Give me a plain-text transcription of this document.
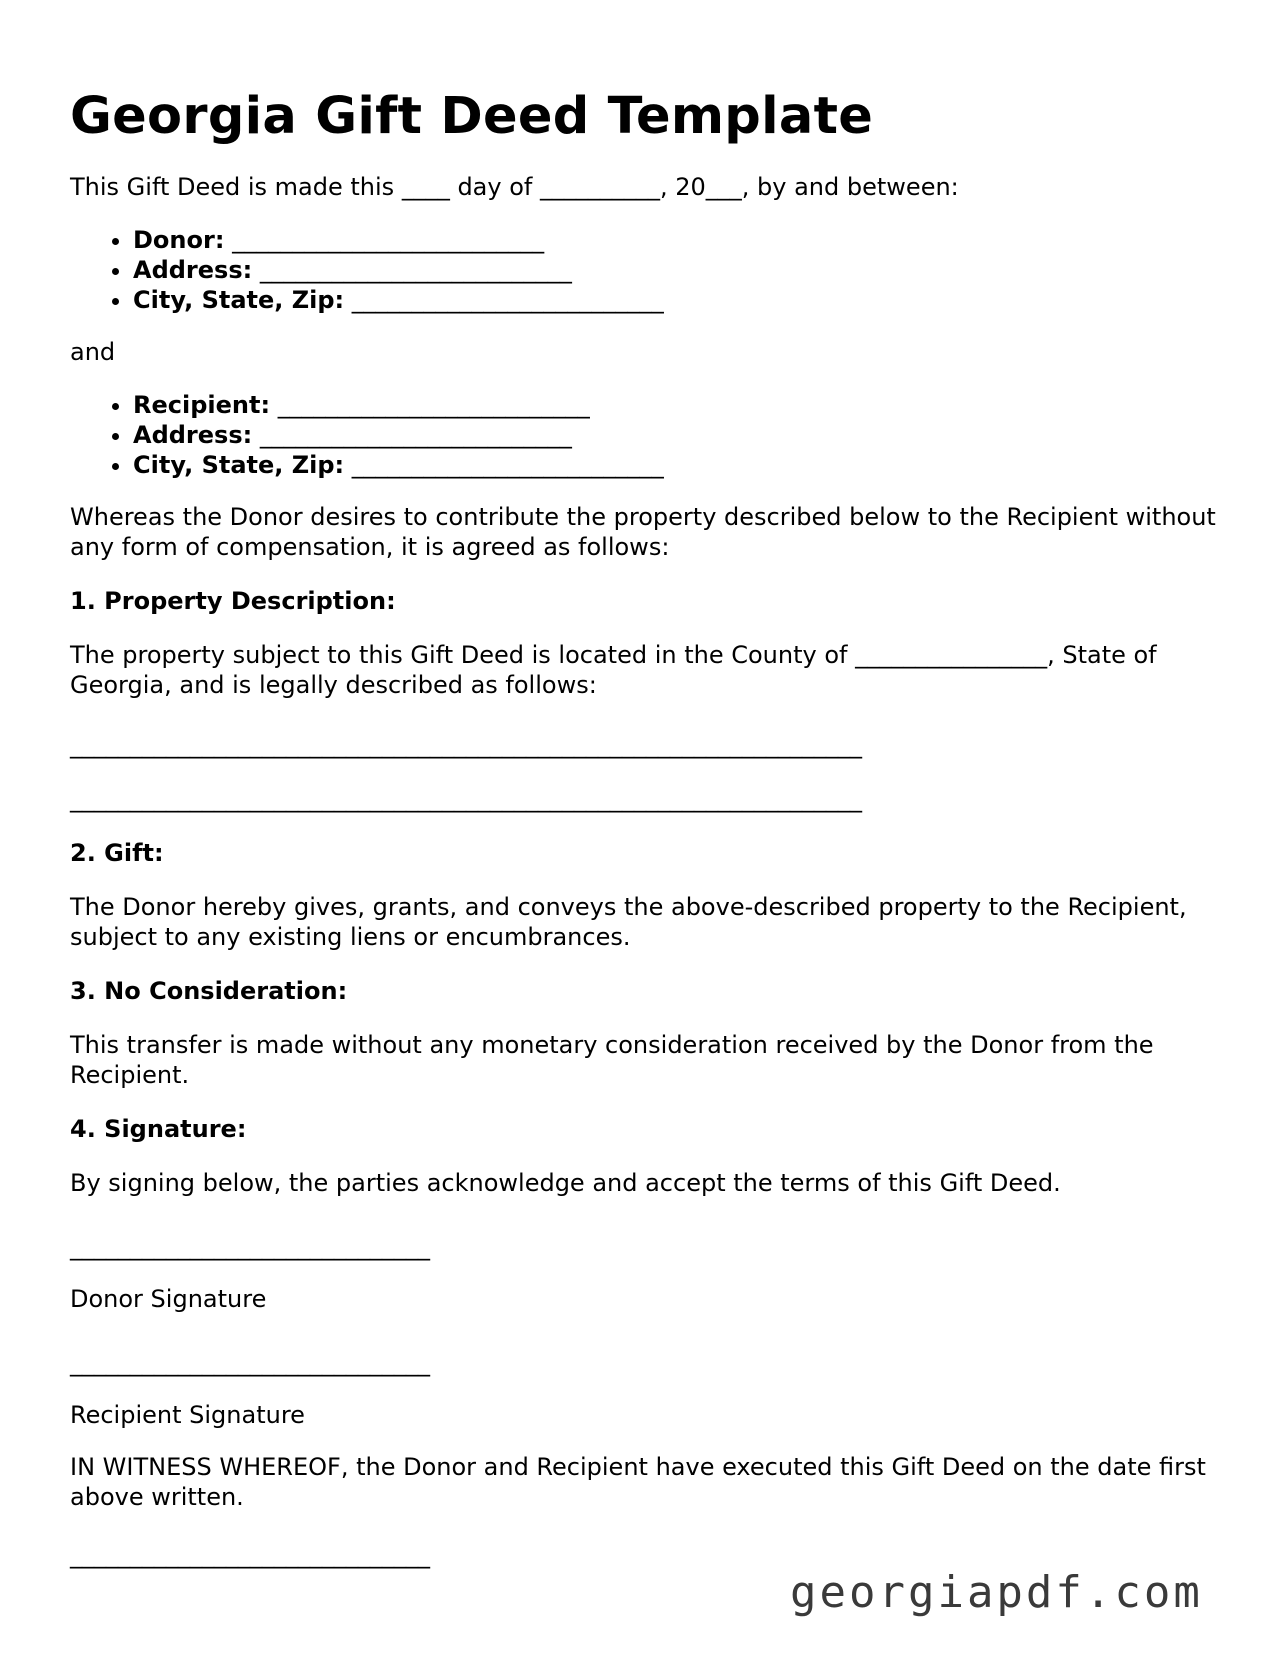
Georgia Gift Deed Template

This Gift Deed is made this ____ day of __________, 20___, by and between:

• Donor: __________________________
• Address: __________________________
• City, State, Zip: __________________________

and

• Recipient: __________________________
• Address: __________________________
• City, State, Zip: __________________________

Whereas the Donor desires to contribute the property described below to the Recipient without any form of compensation, it is agreed as follows:

1. Property Description:

The property subject to this Gift Deed is located in the County of ________________, State of Georgia, and is legally described as follows:

__________________________________________________________________

__________________________________________________________________

2. Gift:

The Donor hereby gives, grants, and conveys the above-described property to the Recipient, subject to any existing liens or encumbrances.

3. No Consideration:

This transfer is made without any monetary consideration received by the Donor from the Recipient.

4. Signature:

By signing below, the parties acknowledge and accept the terms of this Gift Deed.

______________________________

Donor Signature

______________________________

Recipient Signature

IN WITNESS WHEREOF, the Donor and Recipient have executed this Gift Deed on the date first above written.

______________________________

georgiapdf.com
